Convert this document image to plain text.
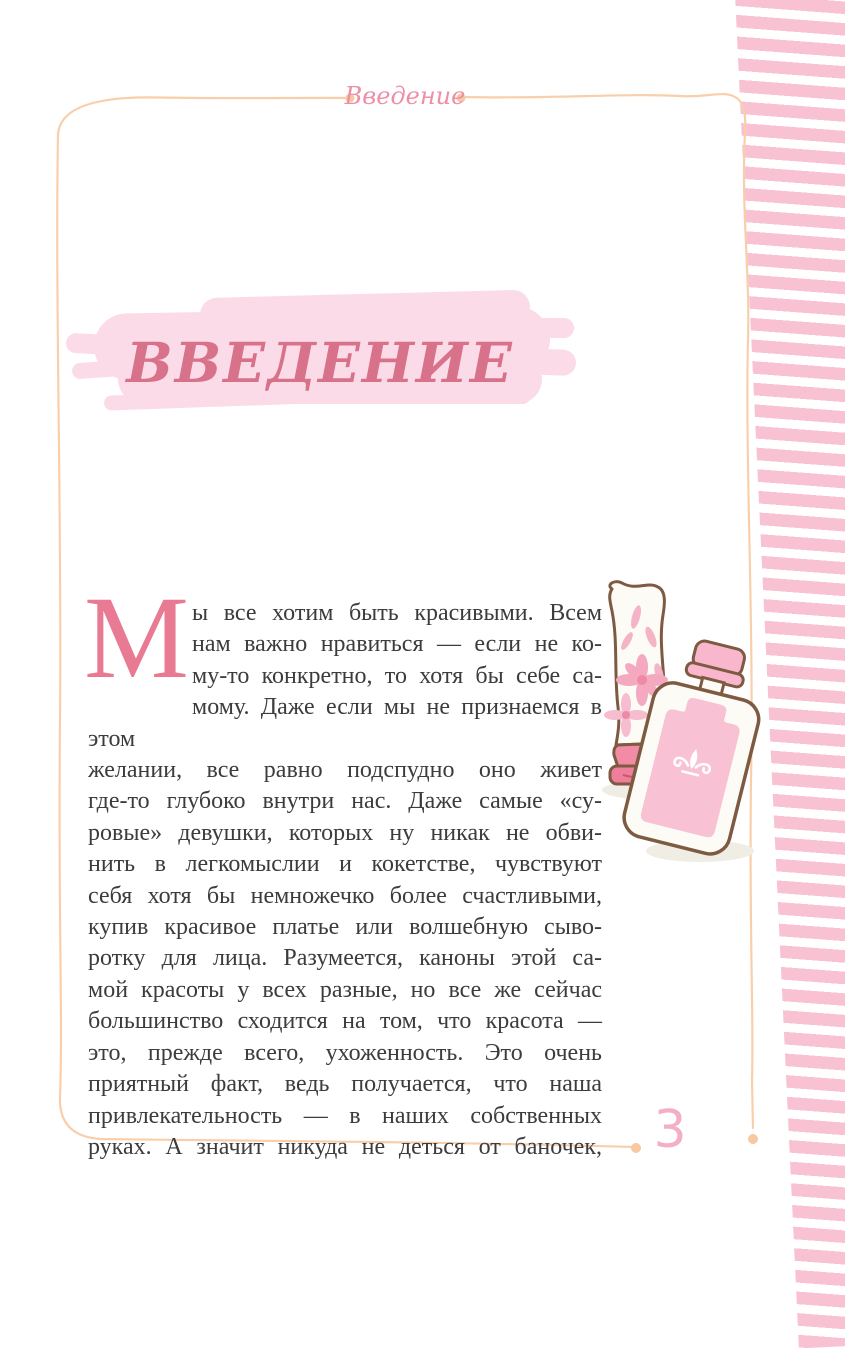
Введение
ВВЕДЕНИЕ
М ы все хотим быть красивыми. Всем
нам важно нравиться — если не ко-
му-то конкретно, то хотя бы себе са-
мому. Даже если мы не признаемся в этом
желании, все равно подспудно оно живет
где-то глубоко внутри нас. Даже самые «су-
ровые» девушки, которых ну никак не обви-
нить в легкомыслии и кокетстве, чувствуют
себя хотя бы немножечко более счастливыми,
купив красивое платье или волшебную сыво-
ротку для лица. Разумеется, каноны этой са-
мой красоты у всех разные, но все же сейчас
большинство сходится на том, что красота —
это, прежде всего, ухоженность. Это очень
приятный факт, ведь получается, что наша
привлекательность — в наших собственных
руках. А значит никуда не деться от баночек, 3
